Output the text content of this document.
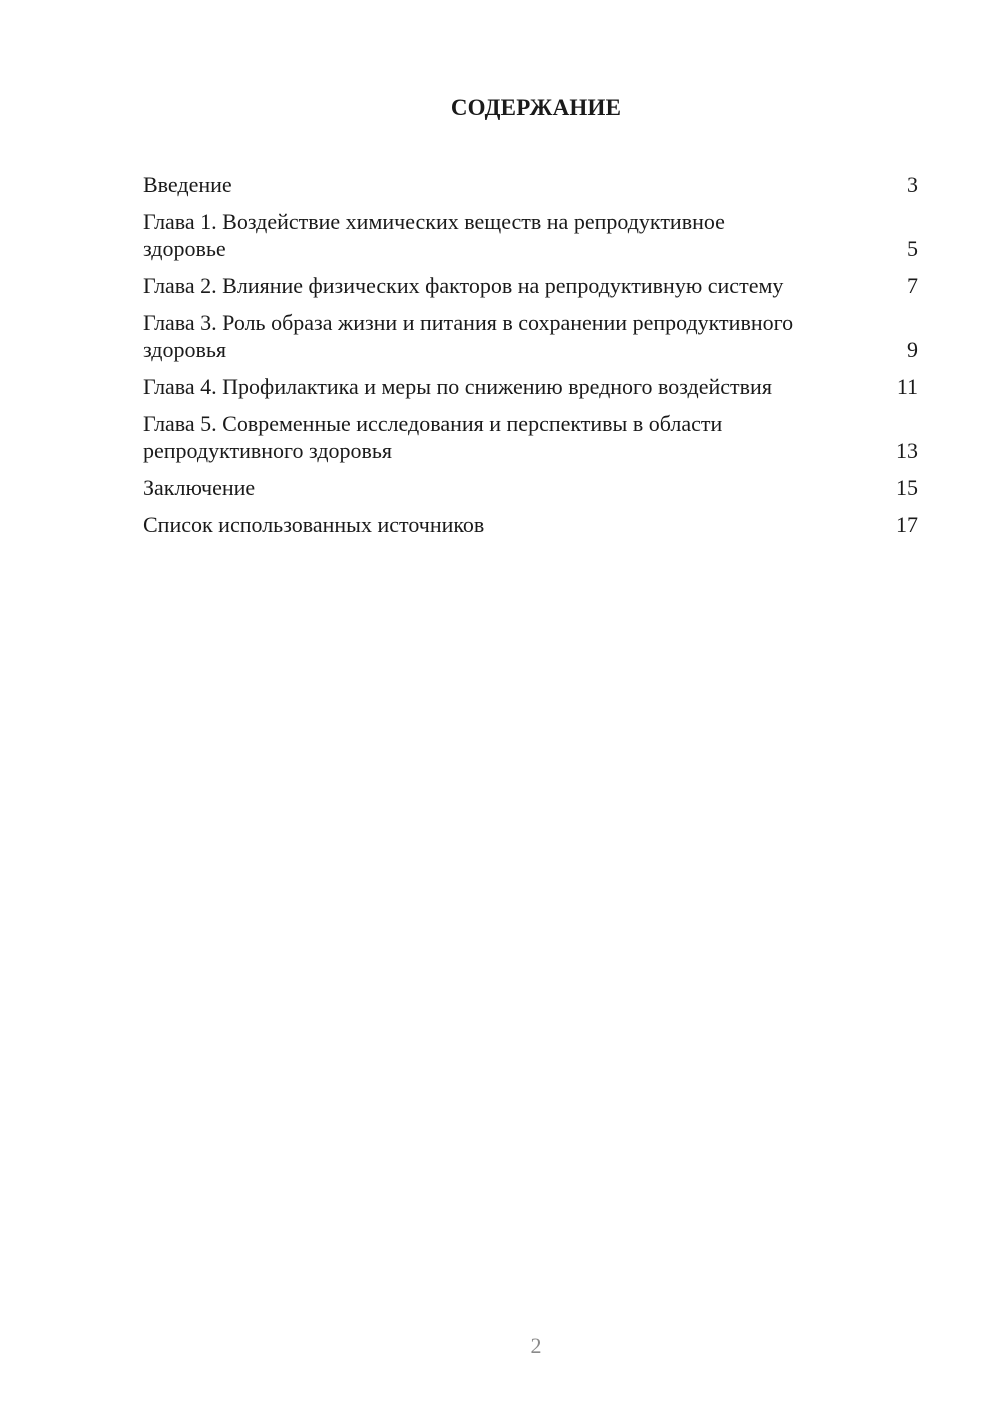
СОДЕРЖАНИЕ
Введение	3
Глава 1. Воздействие химических веществ на репродуктивное здоровье	5
Глава 2. Влияние физических факторов на репродуктивную систему	7
Глава 3. Роль образа жизни и питания в сохранении репродуктивного здоровья	9
Глава 4. Профилактика и меры по снижению вредного воздействия	11
Глава 5. Современные исследования и перспективы в области репродуктивного здоровья	13
Заключение	15
Список использованных источников	17
2
